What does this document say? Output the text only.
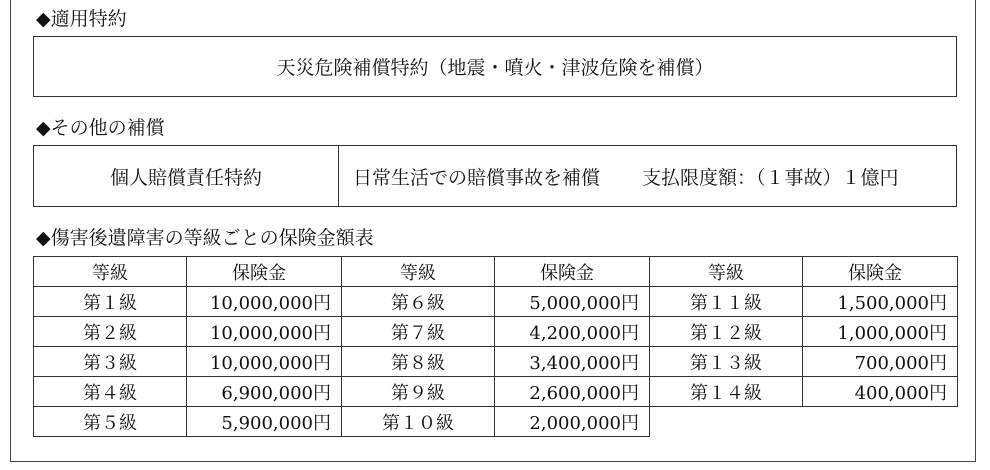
◆適用特約
天災危険補償特約（地震・噴火・津波危険を補償）
◆その他の補償
個人賠償責任特約	日常生活での賠償事故を補償 支払限度額：（１事故）１億円
◆傷害後遺障害の等級ごとの保険金額表
等級	保険金	等級	保険金	等級	保険金
第１級	10,000,000円	第６級	5,000,000円	第１１級	1,500,000円
第２級	10,000,000円	第７級	4,200,000円	第１２級	1,000,000円
第３級	10,000,000円	第８級	3,400,000円	第１３級	700,000円
第４級	6,900,000円	第９級	2,600,000円	第１４級	400,000円
第５級	5,900,000円	第１０級	2,000,000円		
